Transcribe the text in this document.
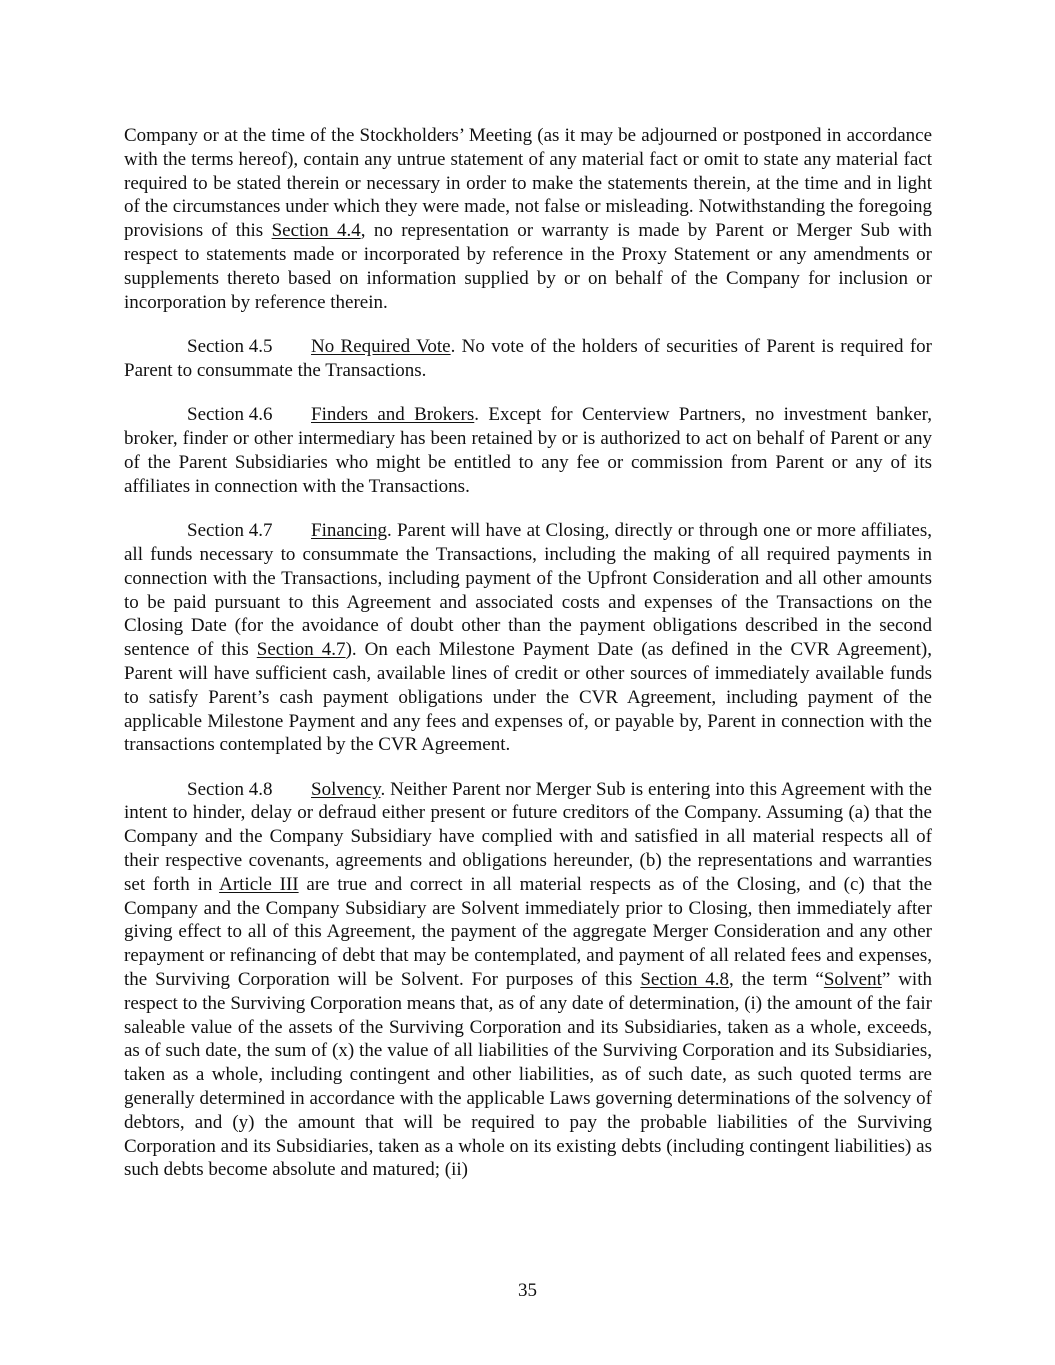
Company or at the time of the Stockholders’ Meeting (as it may be adjourned or postponed in accordance with the terms hereof), contain any untrue statement of any material fact or omit to state any material fact required to be stated therein or necessary in order to make the statements therein, at the time and in light of the circumstances under which they were made, not false or misleading. Notwithstanding the foregoing provisions of this Section 4.4, no representation or warranty is made by Parent or Merger Sub with respect to statements made or incorporated by reference in the Proxy Statement or any amendments or supplements thereto based on information supplied by or on behalf of the Company for inclusion or incorporation by reference therein.

Section 4.5 No Required Vote. No vote of the holders of securities of Parent is required for Parent to consummate the Transactions.

Section 4.6 Finders and Brokers. Except for Centerview Partners, no investment banker, broker, finder or other intermediary has been retained by or is authorized to act on behalf of Parent or any of the Parent Subsidiaries who might be entitled to any fee or commission from Parent or any of its affiliates in connection with the Transactions.

Section 4.7 Financing. Parent will have at Closing, directly or through one or more affiliates, all funds necessary to consummate the Transactions, including the making of all required payments in connection with the Transactions, including payment of the Upfront Consideration and all other amounts to be paid pursuant to this Agreement and associated costs and expenses of the Transactions on the Closing Date (for the avoidance of doubt other than the payment obligations described in the second sentence of this Section 4.7). On each Milestone Payment Date (as defined in the CVR Agreement), Parent will have sufficient cash, available lines of credit or other sources of immediately available funds to satisfy Parent’s cash payment obligations under the CVR Agreement, including payment of the applicable Milestone Payment and any fees and expenses of, or payable by, Parent in connection with the transactions contemplated by the CVR Agreement.

Section 4.8 Solvency. Neither Parent nor Merger Sub is entering into this Agreement with the intent to hinder, delay or defraud either present or future creditors of the Company. Assuming (a) that the Company and the Company Subsidiary have complied with and satisfied in all material respects all of their respective covenants, agreements and obligations hereunder, (b) the representations and warranties set forth in Article III are true and correct in all material respects as of the Closing, and (c) that the Company and the Company Subsidiary are Solvent immediately prior to Closing, then immediately after giving effect to all of this Agreement, the payment of the aggregate Merger Consideration and any other repayment or refinancing of debt that may be contemplated, and payment of all related fees and expenses, the Surviving Corporation will be Solvent. For purposes of this Section 4.8, the term “Solvent” with respect to the Surviving Corporation means that, as of any date of determination, (i) the amount of the fair saleable value of the assets of the Surviving Corporation and its Subsidiaries, taken as a whole, exceeds, as of such date, the sum of (x) the value of all liabilities of the Surviving Corporation and its Subsidiaries, taken as a whole, including contingent and other liabilities, as of such date, as such quoted terms are generally determined in accordance with the applicable Laws governing determinations of the solvency of debtors, and (y) the amount that will be required to pay the probable liabilities of the Surviving Corporation and its Subsidiaries, taken as a whole on its existing debts (including contingent liabilities) as such debts become absolute and matured; (ii)

35
